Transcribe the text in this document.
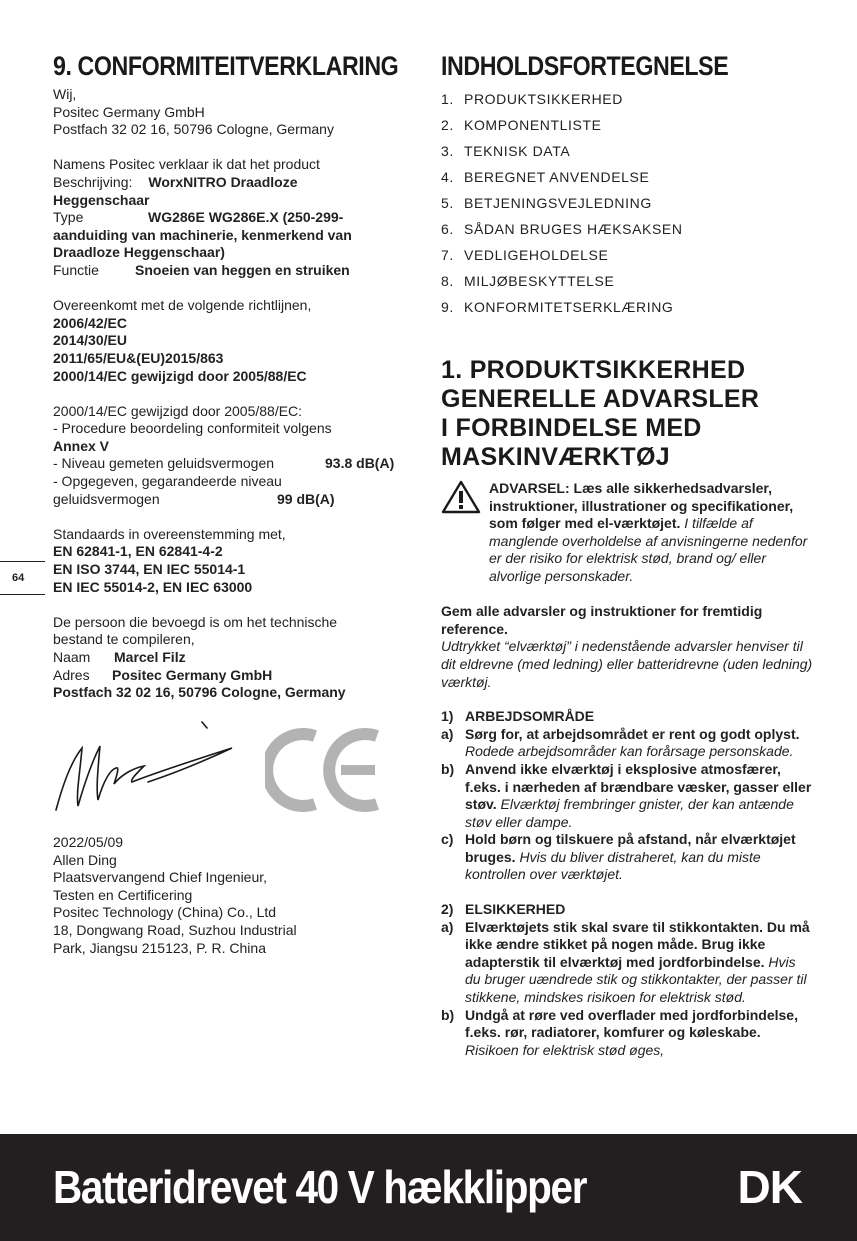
9. CONFORMITEITVERKLARING

Wij,

Positec Germany GmbH

Postfach 32 02 16, 50796 Cologne, Germany

Namens Positec verklaar ik dat het product

Beschrijving: WorxNITRO Draadloze

Heggenschaar

Type	WG286E WG286E.X (250-299-

aanduiding van machinerie, kenmerkend van

Draadloze Heggenschaar)

Functie	Snoeien van heggen en struiken

Overeenkomt met de volgende richtlijnen,

2006/42/EC

2014/30/EU

2011/65/EU&(EU)2015/863

2000/14/EC gewijzigd door 2005/88/EC

2000/14/EC gewijzigd door 2005/88/EC:

- Procedure beoordeling conformiteit volgens

Annex V

- Niveau gemeten geluidsvermogen	93.8 dB(A)

- Opgegeven, gegarandeerde niveau

geluidsvermogen	99 dB(A)

Standaards in overeenstemming met,

EN 62841-1, EN 62841-4-2

EN ISO 3744, EN IEC 55014-1

EN IEC 55014-2, EN IEC 63000

De persoon die bevoegd is om het technische

bestand te compileren,

Naam Marcel Filz

Adres Positec Germany GmbH

Postfach 32 02 16, 50796 Cologne, Germany

2022/05/09

Allen Ding

Plaatsvervangend Chief Ingenieur,

Testen en Certificering

Positec Technology (China) Co., Ltd

18, Dongwang Road, Suzhou Industrial

Park, Jiangsu 215123, P. R. China

64
INDHOLDSFORTEGNELSE
1. PRODUKTSIKKERHED
2. KOMPONENTLISTE
3. TEKNISK DATA
4. BEREGNET ANVENDELSE
5. BETJENINGSVEJLEDNING
6. SÅDAN BRUGES HÆKSAKSEN
7. VEDLIGEHOLDELSE
8. MILJØBESKYTTELSE
9. KONFORMITETSERKLÆRING
1. PRODUKTSIKKERHED
GENERELLE ADVARSLER
I FORBINDELSE MED
MASKINVÆRKTØJ
ADVARSEL: Læs alle sikkerhedsadvarsler, instruktioner, illustrationer og specifikationer, som følger med el-værktøjet. I tilfælde af manglende overholdelse af anvisningerne nedenfor er der risiko for elektrisk stød, brand og/ eller alvorlige personskader.

Gem alle advarsler og instruktioner for fremtidig reference.

Udtrykket “elværktøj” i nedenstående advarsler henviser til dit eldrevne (med ledning) eller batteridrevne (uden ledning) værktøj.

1) ARBEJDSOMRÅDE
a) Sørg for, at arbejdsområdet er rent og godt oplyst. Rodede arbejdsområder kan forårsage personskade.
b) Anvend ikke elværktøj i eksplosive atmosfærer, f.eks. i nærheden af brændbare væsker, gasser eller støv. Elværktøj frembringer gnister, der kan antænde støv eller dampe.
c) Hold børn og tilskuere på afstand, når elværktøjet bruges. Hvis du bliver distraheret, kan du miste kontrollen over værktøjet.
2) ELSIKKERHED
a) Elværktøjets stik skal svare til stikkontakten. Du må ikke ændre stikket på nogen måde. Brug ikke adapterstik til elværktøj med jordforbindelse. Hvis du bruger uændrede stik og stikkontakter, der passer til stikkene, mindskes risikoen for elektrisk stød.
b) Undgå at røre ved overflader med jordforbindelse, f.eks. rør, radiatorer, komfurer og køleskabe. Risikoen for elektrisk stød øges,
Batteridrevet 40 V hækklipper	DK
